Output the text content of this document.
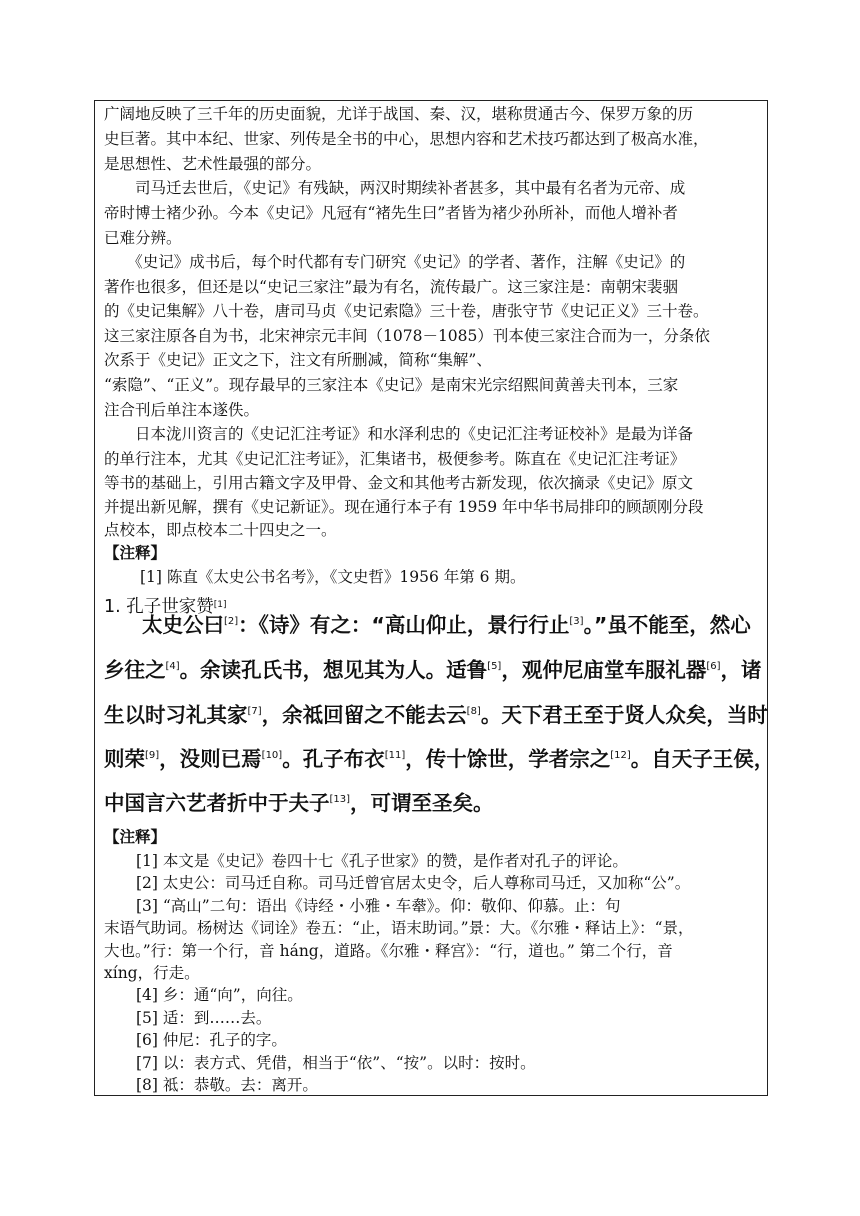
广阔地反映了三千年的历史面貌，尤详于战国、秦、汉，堪称贯通古今、保罗万象的历
史巨著。其中本纪、世家、列传是全书的中心，思想内容和艺术技巧都达到了极高水准，
是思想性、艺术性最强的部分。
　　司马迁去世后，《史记》有残缺，两汉时期续补者甚多，其中最有名者为元帝、成
帝时博士褚少孙。今本《史记》凡冠有“褚先生曰”者皆为褚少孙所补，而他人增补者
已难分辨。
　　《史记》成书后，每个时代都有专门研究《史记》的学者、著作，注解《史记》的
著作也很多，但还是以“史记三家注”最为有名，流传最广。这三家注是：南朝宋裴骃
的《史记集解》八十卷，唐司马贞《史记索隐》三十卷，唐张守节《史记正义》三十卷。
这三家注原各自为书，北宋神宗元丰间（1078－1085）刊本使三家注合而为一，分条依
次系于《史记》正文之下，注文有所删减，简称“集解”、
“索隐”、“正义”。现存最早的三家注本《史记》是南宋光宗绍熙间黄善夫刊本，三家
注合刊后单注本遂佚。
　　日本泷川资言的《史记汇注考证》和水泽利忠的《史记汇注考证校补》是最为详备
的单行注本，尤其《史记汇注考证》，汇集诸书，极便参考。陈直在《史记汇注考证》
等书的基础上，引用古籍文字及甲骨、金文和其他考古新发现，依次摘录《史记》原文
并提出新见解，撰有《史记新证》。现在通行本子有 1959 年中华书局排印的顾颉刚分段
点校本，即点校本二十四史之一。
【注释】
[1] 陈直《太史公书名考》，《文史哲》1956 年第 6 期。
1. 孔子世家赞[1]
太史公曰[2]：《诗》有之：“高山仰止，景行行止[3]。”虽不能至，然心
乡往之[4]。余读孔氏书，想见其为人。适鲁[5]，观仲尼庙堂车服礼器[6]，诸
生以时习礼其家[7]，余祗回留之不能去云[8]。天下君王至于贤人众矣，当时
则荣[9]，没则已焉[10]。孔子布衣[11]，传十馀世，学者宗之[12]。自天子王侯，
中国言六艺者折中于夫子[13]，可谓至圣矣。
【注释】
[1] 本文是《史记》卷四十七《孔子世家》的赞，是作者对孔子的评论。
[2] 太史公：司马迁自称。司马迁曾官居太史令，后人尊称司马迁，又加称“公”。
[3] “高山”二句：语出《诗经・小雅・车舝》。仰：敬仰、仰慕。止：句
末语气助词。杨树达《词诠》卷五：“止，语末助词。”景：大。《尔雅・释诂上》：“景，
大也。”行：第一个行，音 háng，道路。《尔雅・释宫》：“行，道也。” 第二个行，音
xíng，行走。
[4] 乡：通“向”，向往。
[5] 适：到……去。
[6] 仲尼：孔子的字。
[7] 以：表方式、凭借，相当于“依”、“按”。以时：按时。
[8] 祗：恭敬。去：离开。
